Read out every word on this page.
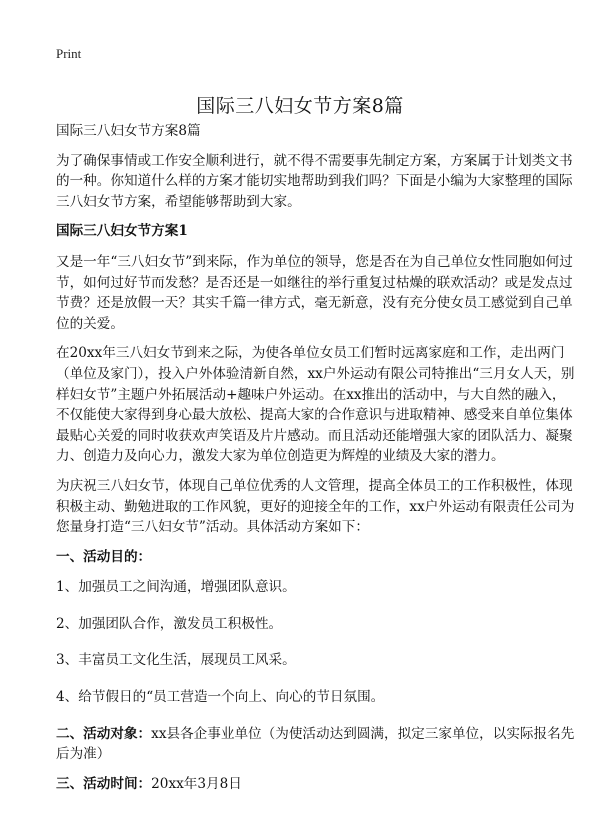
Print
国际三八妇女节方案8篇

国际三八妇女节方案8篇

为了确保事情或工作安全顺利进行，就不得不需要事先制定方案，方案属于计划类文书的一种。你知道什么样的方案才能切实地帮助到我们吗？下面是小编为大家整理的国际三八妇女节方案，希望能够帮助到大家。

国际三八妇女节方案1

又是一年“三八妇女节”到来际，作为单位的领导，您是否在为自己单位女性同胞如何过节，如何过好节而发愁？是否还是一如继往的举行重复过枯燥的联欢活动？或是发点过节费？还是放假一天？其实千篇一律方式，毫无新意，没有充分使女员工感觉到自己单位的关爱。

在20xx年三八妇女节到来之际，为使各单位女员工们暂时远离家庭和工作，走出两门（单位及家门），投入户外体验清新自然，xx户外运动有限公司特推出“三月女人天，别样妇女节”主题户外拓展活动+趣味户外运动。在xx推出的活动中，与大自然的融入，不仅能使大家得到身心最大放松、提高大家的合作意识与进取精神、感受来自单位集体最贴心关爱的同时收获欢声笑语及片片感动。而且活动还能增强大家的团队活力、凝聚力、创造力及向心力，激发大家为单位创造更为辉煌的业绩及大家的潜力。

为庆祝三八妇女节，体现自己单位优秀的人文管理，提高全体员工的工作积极性，体现积极主动、勤勉进取的工作风貌，更好的迎接全年的工作，xx户外运动有限责任公司为您量身打造“三八妇女节”活动。具体活动方案如下：

一、活动目的：

1、加强员工之间沟通，增强团队意识。

2、加强团队合作，激发员工积极性。

3、丰富员工文化生活，展现员工风采。

4、给节假日的“员工营造一个向上、向心的节日氛围。

二、活动对象：xx县各企事业单位（为使活动达到圆满，拟定三家单位，以实际报名先后为准）

三、活动时间：20xx年3月8日
